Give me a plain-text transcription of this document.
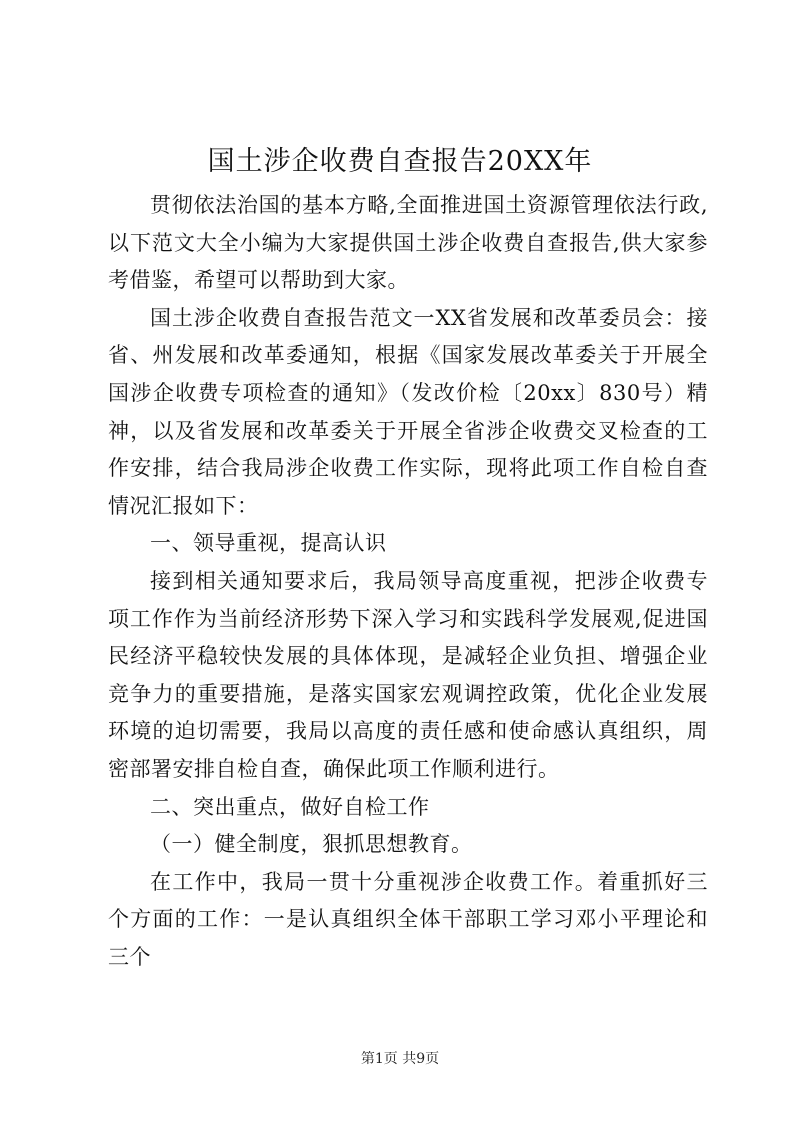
国土涉企收费自查报告20XX年

贯彻依法治国的基本方略,全面推进国土资源管理依法行政,以下范文大全小编为大家提供国土涉企收费自查报告,供大家参考借鉴，希望可以帮助到大家。

国土涉企收费自查报告范文一XX省发展和改革委员会：接省、州发展和改革委通知，根据《国家发展改革委关于开展全国涉企收费专项检查的通知》（发改价检〔20xx〕830号）精神，以及省发展和改革委关于开展全省涉企收费交叉检查的工作安排，结合我局涉企收费工作实际，现将此项工作自检自查情况汇报如下：

一、领导重视，提高认识

接到相关通知要求后，我局领导高度重视，把涉企收费专项工作作为当前经济形势下深入学习和实践科学发展观,促进国民经济平稳较快发展的具体体现，是减轻企业负担、增强企业竞争力的重要措施，是落实国家宏观调控政策，优化企业发展环境的迫切需要，我局以高度的责任感和使命感认真组织，周密部署安排自检自查，确保此项工作顺利进行。

二、突出重点，做好自检工作

（一）健全制度，狠抓思想教育。

在工作中，我局一贯十分重视涉企收费工作。着重抓好三个方面的工作：一是认真组织全体干部职工学习邓小平理论和三个

第1页 共9页
